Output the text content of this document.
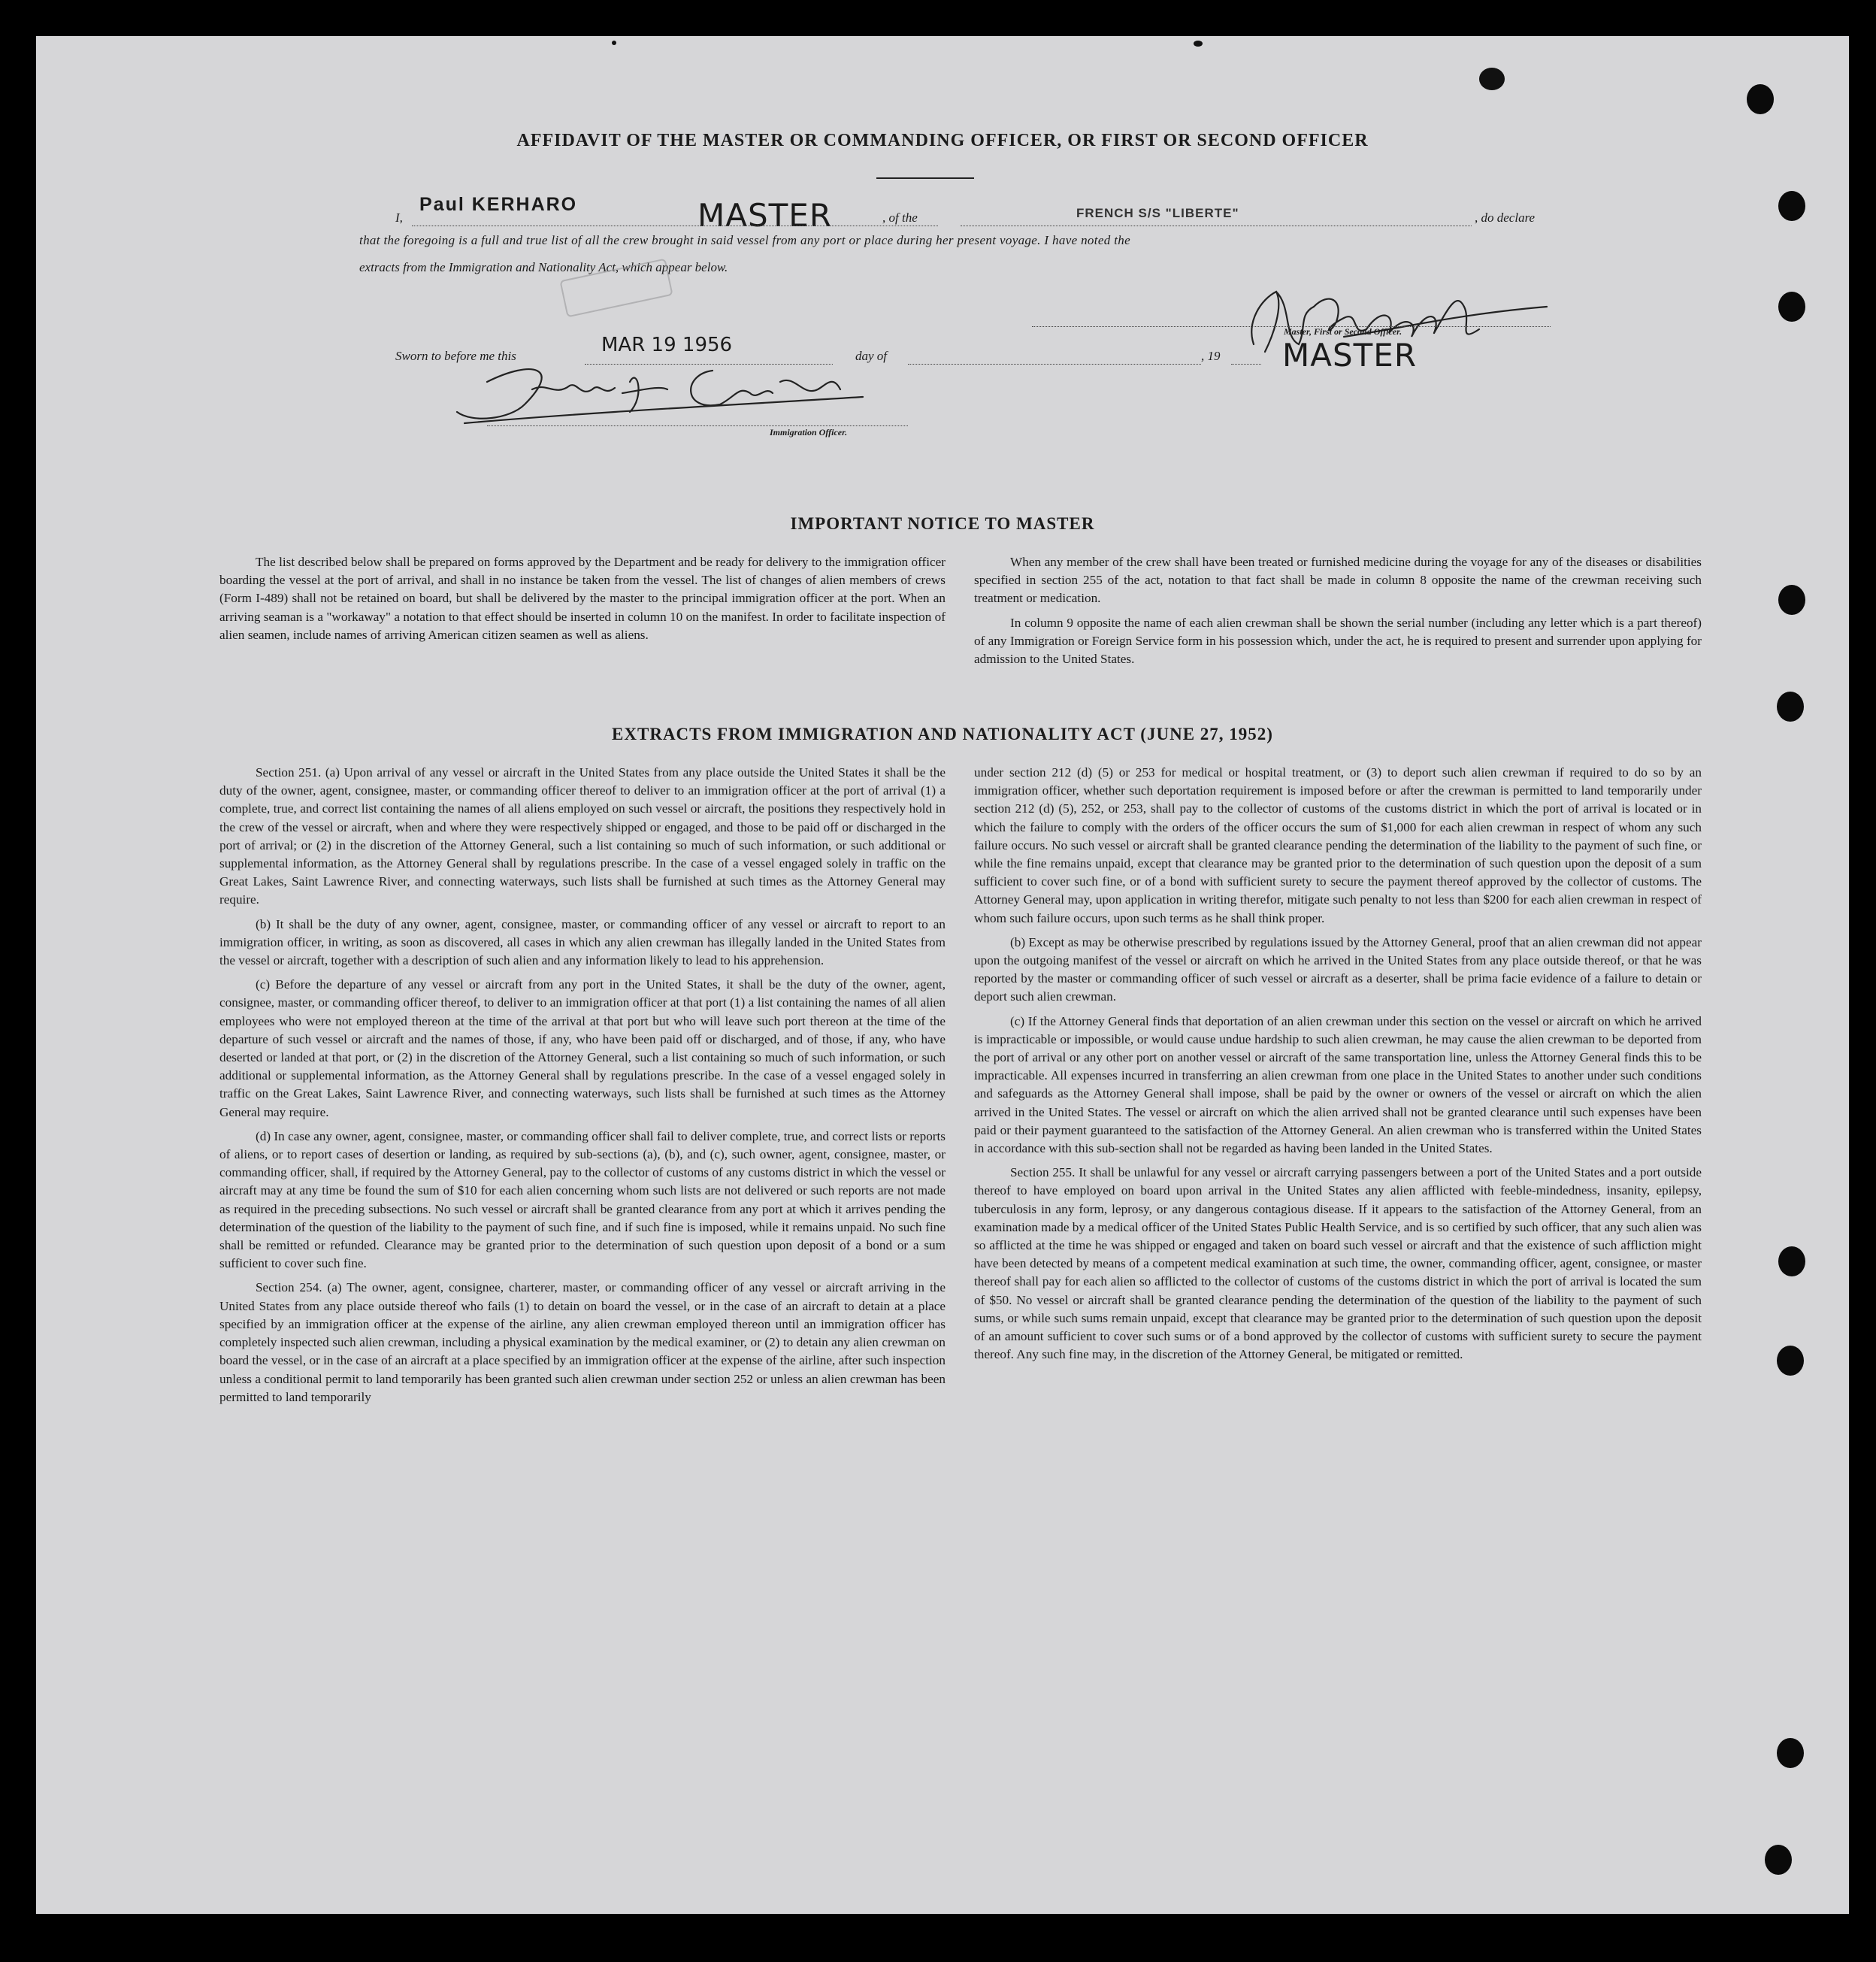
AFFIDAVIT OF THE MASTER OR COMMANDING OFFICER, OR FIRST OR SECOND OFFICER
I,
Paul KERHARO	MASTER	, of the	FRENCH S/S "LIBERTE"	, do declare
that the foregoing is a full and true list of all the crew brought in said vessel from any port or place during her present voyage. I have noted the
extracts from the Immigration and Nationality Act, which appear below.
Master, First or Second Officer.
MASTER
Sworn to before me this	MAR 19 1956	day of	, 19
Immigration Officer.
IMPORTANT NOTICE TO MASTER

The list described below shall be prepared on forms approved by the Department and be ready for delivery to the immigration officer boarding the vessel at the port of arrival, and shall in no instance be taken from the vessel. The list of changes of alien members of crews (Form I-489) shall not be retained on board, but shall be delivered by the master to the principal immigration officer at the port. When an arriving seaman is a "workaway" a notation to that effect should be inserted in column 10 on the manifest. In order to facilitate inspection of alien seamen, include names of arriving American citizen seamen as well as aliens.

When any member of the crew shall have been treated or furnished medicine during the voyage for any of the diseases or disabilities specified in section 255 of the act, notation to that fact shall be made in column 8 opposite the name of the crewman receiving such treatment or medication.

In column 9 opposite the name of each alien crewman shall be shown the serial number (including any letter which is a part thereof) of any Immigration or Foreign Service form in his possession which, under the act, he is required to present and surrender upon applying for admission to the United States.

EXTRACTS FROM IMMIGRATION AND NATIONALITY ACT (JUNE 27, 1952)

Section 251. (a) Upon arrival of any vessel or aircraft in the United States from any place outside the United States it shall be the duty of the owner, agent, consignee, master, or commanding officer thereof to deliver to an immigration officer at the port of arrival (1) a complete, true, and correct list containing the names of all aliens employed on such vessel or aircraft, the positions they respectively hold in the crew of the vessel or aircraft, when and where they were respectively shipped or engaged, and those to be paid off or discharged in the port of arrival; or (2) in the discretion of the Attorney General, such a list containing so much of such information, or such additional or supplemental information, as the Attorney General shall by regulations prescribe. In the case of a vessel engaged solely in traffic on the Great Lakes, Saint Lawrence River, and connecting waterways, such lists shall be furnished at such times as the Attorney General may require.

(b) It shall be the duty of any owner, agent, consignee, master, or commanding officer of any vessel or aircraft to report to an immigration officer, in writing, as soon as discovered, all cases in which any alien crewman has illegally landed in the United States from the vessel or aircraft, together with a description of such alien and any information likely to lead to his apprehension.

(c) Before the departure of any vessel or aircraft from any port in the United States, it shall be the duty of the owner, agent, consignee, master, or commanding officer thereof, to deliver to an immigration officer at that port (1) a list containing the names of all alien employees who were not employed thereon at the time of the arrival at that port but who will leave such port thereon at the time of the departure of such vessel or aircraft and the names of those, if any, who have been paid off or discharged, and of those, if any, who have deserted or landed at that port, or (2) in the discretion of the Attorney General, such a list containing so much of such information, or such additional or supplemental information, as the Attorney General shall by regulations prescribe. In the case of a vessel engaged solely in traffic on the Great Lakes, Saint Lawrence River, and connecting waterways, such lists shall be furnished at such times as the Attorney General may require.

(d) In case any owner, agent, consignee, master, or commanding officer shall fail to deliver complete, true, and correct lists or reports of aliens, or to report cases of desertion or landing, as required by sub-sections (a), (b), and (c), such owner, agent, consignee, master, or commanding officer, shall, if required by the Attorney General, pay to the collector of customs of any customs district in which the vessel or aircraft may at any time be found the sum of $10 for each alien concerning whom such lists are not delivered or such reports are not made as required in the preceding subsections. No such vessel or aircraft shall be granted clearance from any port at which it arrives pending the determination of the question of the liability to the payment of such fine, and if such fine is imposed, while it remains unpaid. No such fine shall be remitted or refunded. Clearance may be granted prior to the determination of such question upon deposit of a bond or a sum sufficient to cover such fine.

Section 254. (a) The owner, agent, consignee, charterer, master, or commanding officer of any vessel or aircraft arriving in the United States from any place outside thereof who fails (1) to detain on board the vessel, or in the case of an aircraft to detain at a place specified by an immigration officer at the expense of the airline, any alien crewman employed thereon until an immigration officer has completely inspected such alien crewman, including a physical examination by the medical examiner, or (2) to detain any alien crewman on board the vessel, or in the case of an aircraft at a place specified by an immigration officer at the expense of the airline, after such inspection unless a conditional permit to land temporarily has been granted such alien crewman under section 252 or unless an alien crewman has been permitted to land temporarily

under section 212 (d) (5) or 253 for medical or hospital treatment, or (3) to deport such alien crewman if required to do so by an immigration officer, whether such deportation requirement is imposed before or after the crewman is permitted to land temporarily under section 212 (d) (5), 252, or 253, shall pay to the collector of customs of the customs district in which the port of arrival is located or in which the failure to comply with the orders of the officer occurs the sum of $1,000 for each alien crewman in respect of whom any such failure occurs. No such vessel or aircraft shall be granted clearance pending the determination of the liability to the payment of such fine, or while the fine remains unpaid, except that clearance may be granted prior to the determination of such question upon the deposit of a sum sufficient to cover such fine, or of a bond with sufficient surety to secure the payment thereof approved by the collector of customs. The Attorney General may, upon application in writing therefor, mitigate such penalty to not less than $200 for each alien crewman in respect of whom such failure occurs, upon such terms as he shall think proper.

(b) Except as may be otherwise prescribed by regulations issued by the Attorney General, proof that an alien crewman did not appear upon the outgoing manifest of the vessel or aircraft on which he arrived in the United States from any place outside thereof, or that he was reported by the master or commanding officer of such vessel or aircraft as a deserter, shall be prima facie evidence of a failure to detain or deport such alien crewman.

(c) If the Attorney General finds that deportation of an alien crewman under this section on the vessel or aircraft on which he arrived is impracticable or impossible, or would cause undue hardship to such alien crewman, he may cause the alien crewman to be deported from the port of arrival or any other port on another vessel or aircraft of the same transportation line, unless the Attorney General finds this to be impracticable. All expenses incurred in transferring an alien crewman from one place in the United States to another under such conditions and safeguards as the Attorney General shall impose, shall be paid by the owner or owners of the vessel or aircraft on which the alien arrived in the United States. The vessel or aircraft on which the alien arrived shall not be granted clearance until such expenses have been paid or their payment guaranteed to the satisfaction of the Attorney General. An alien crewman who is transferred within the United States in accordance with this sub-section shall not be regarded as having been landed in the United States.

Section 255. It shall be unlawful for any vessel or aircraft carrying passengers between a port of the United States and a port outside thereof to have employed on board upon arrival in the United States any alien afflicted with feeble-mindedness, insanity, epilepsy, tuberculosis in any form, leprosy, or any dangerous contagious disease. If it appears to the satisfaction of the Attorney General, from an examination made by a medical officer of the United States Public Health Service, and is so certified by such officer, that any such alien was so afflicted at the time he was shipped or engaged and taken on board such vessel or aircraft and that the existence of such affliction might have been detected by means of a competent medical examination at such time, the owner, commanding officer, agent, consignee, or master thereof shall pay for each alien so afflicted to the collector of customs of the customs district in which the port of arrival is located the sum of $50. No vessel or aircraft shall be granted clearance pending the determination of the question of the liability to the payment of such sums, or while such sums remain unpaid, except that clearance may be granted prior to the determination of such question upon the deposit of an amount sufficient to cover such sums or of a bond approved by the collector of customs with sufficient surety to secure the payment thereof. Any such fine may, in the discretion of the Attorney General, be mitigated or remitted.
